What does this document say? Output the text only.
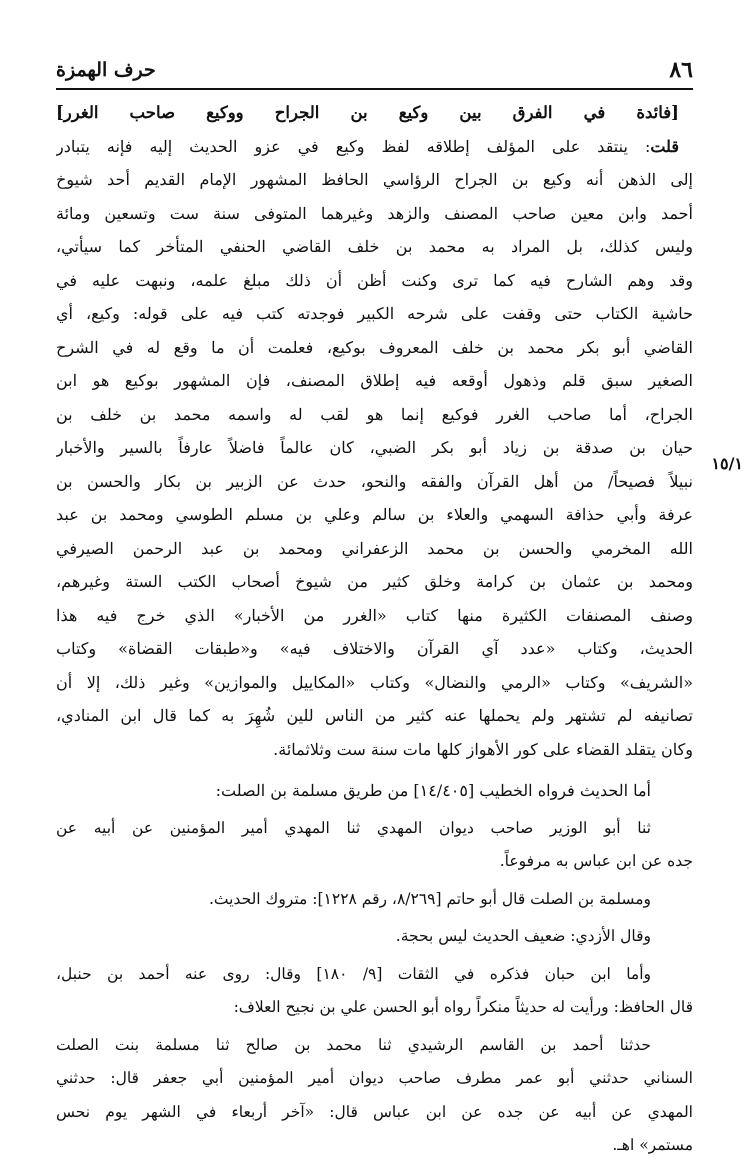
٨٦
حرف الهمزة
١٥/١
[فائدة في الفرق بين وكيع بن الجراح ووكيع صاحب الغرر]
قلت: ينتقد على المؤلف إطلاقه لفظ وكيع في عزو الحديث إليه فإنه يتبادر
إلى الذهن أنه وكيع بن الجراح الرؤاسي الحافظ المشهور الإمام القديم أحد شيوخ
أحمد وابن معين صاحب المصنف والزهد وغيرهما المتوفى سنة ست وتسعين ومائة
وليس كذلك، بل المراد به محمد بن خلف القاضي الحنفي المتأخر كما سيأتي،
وقد وهم الشارح فيه كما ترى وكنت أظن أن ذلك مبلغ علمه، ونبهت عليه في
حاشية الكتاب حتى وقفت على شرحه الكبير فوجدته كتب فيه على قوله: وكيع، أي
القاضي أبو بكر محمد بن خلف المعروف بوكيع، فعلمت أن ما وقع له في الشرح
الصغير سبق قلم وذهول أوقعه فيه إطلاق المصنف، فإن المشهور بوكيع هو ابن
الجراح، أما صاحب الغرر فوكيع إنما هو لقب له واسمه محمد بن خلف بن
حيان بن صدقة بن زياد أبو بكر الضبي، كان عالماً فاضلاً عارفاً بالسير والأخبار
نبيلاً فصيحاً/ من أهل القرآن والفقه والنحو، حدث عن الزبير بن بكار والحسن بن
عرفة وأبي حذافة السهمي والعلاء بن سالم وعلي بن مسلم الطوسي ومحمد بن عبد
الله المخرمي والحسن بن محمد الزعفراني ومحمد بن عبد الرحمن الصيرفي
ومحمد بن عثمان بن كرامة وخلق كثير من شيوخ أصحاب الكتب الستة وغيرهم،
وصنف المصنفات الكثيرة منها كتاب «الغرر من الأخبار» الذي خرج فيه هذا
الحديث، وكتاب «عدد آي القرآن والاختلاف فيه» و«طبقات القضاة» وكتاب
«الشريف» وكتاب «الرمي والنضال» وكتاب «المكاييل والموازين» وغير ذلك، إلا أن
تصانيفه لم تشتهر ولم يحملها عنه كثير من الناس للين شُهِرَ به كما قال ابن المنادي،
وكان يتقلد القضاء على كور الأهواز كلها مات سنة ست وثلاثمائة.
أما الحديث فرواه الخطيب [١٤/٤٠٥] من طريق مسلمة بن الصلت:
ثنا أبو الوزير صاحب ديوان المهدي ثنا المهدي أمير المؤمنين عن أبيه عن
جده عن ابن عباس به مرفوعاً.
ومسلمة بن الصلت قال أبو حاتم [٨/٢٦٩، رقم ١٢٢٨]: متروك الحديث.
وقال الأزدي: ضعيف الحديث ليس بحجة.
وأما ابن حبان فذكره في الثقات [٩/ ١٨٠] وقال: روى عنه أحمد بن حنبل،
قال الحافظ: ورأيت له حديثاً منكراً رواه أبو الحسن علي بن نجيح العلاف:
حدثنا أحمد بن القاسم الرشيدي ثنا محمد بن صالح ثنا مسلمة بنت الصلت
السناني حدثني أبو عمر مطرف صاحب ديوان أمير المؤمنين أبي جعفر قال: حدثني
المهدي عن أبيه عن جده عن ابن عباس قال: «آخر أربعاء في الشهر يوم نحس
مستمر» اهـ.
